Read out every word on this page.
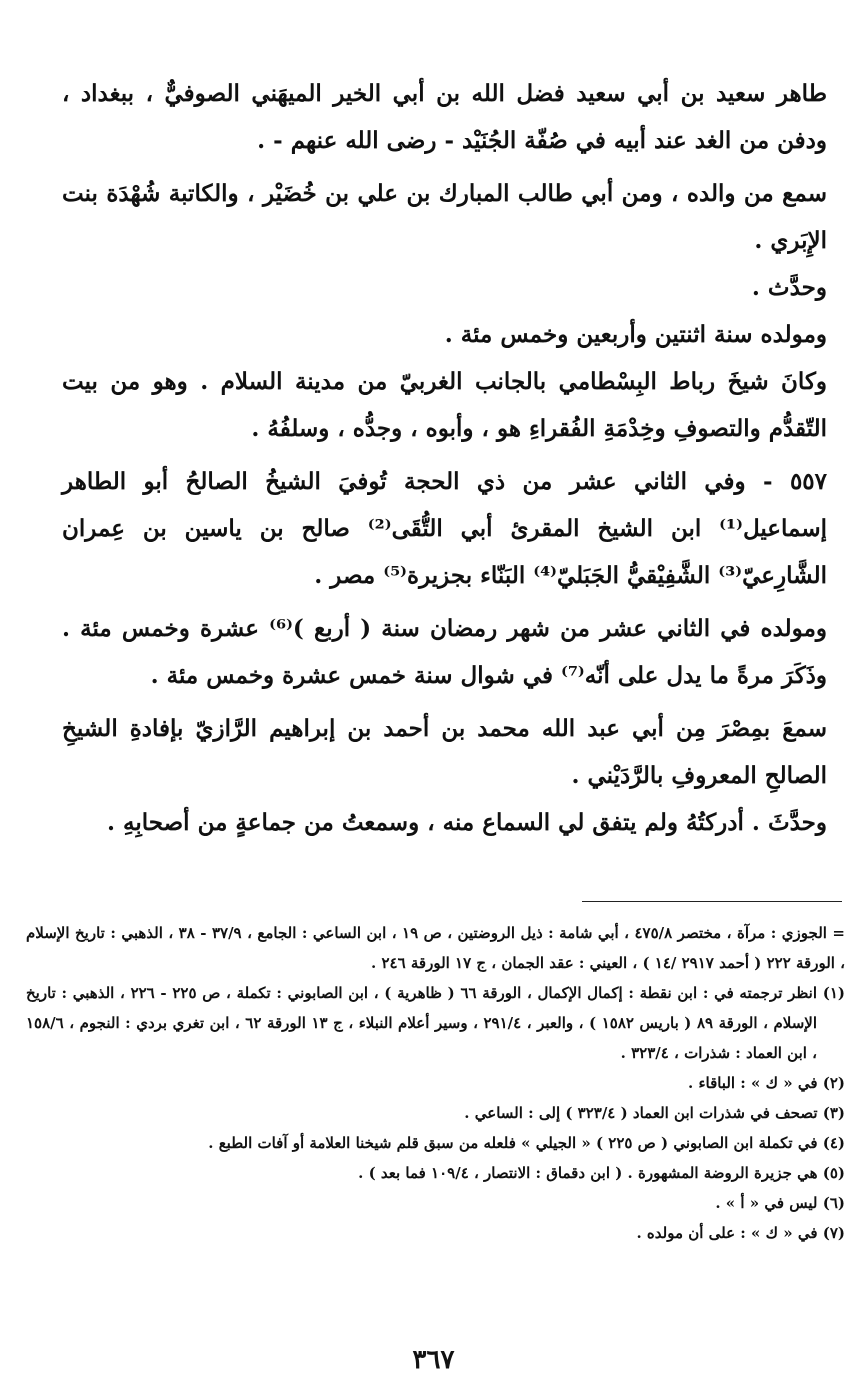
طاهر سعيد بن أبي سعيد فضل الله بن أبي الخير الميهَني الصوفيٌّ ، ببغداد ، ودفن من الغد عند أبيه في صُفّة الجُنَيْد - رضى الله عنهم - .

سمع من والده ، ومن أبي طالب المبارك بن علي بن خُضَيْر ، والكاتبة شُهْدَة بنت الإِبَري .

وحدَّث .

ومولده سنة اثنتين وأربعين وخمس مئة .

وكانَ شيخَ رباط البِسْطامي بالجانب الغربيّ من مدينة السلام . وهو من بيت التّقدُّم والتصوفِ وخِدْمَةِ الفُقراءِ هو ، وأبوه ، وجدُّه ، وسلفُهُ .

٥٥٧ - وفي الثاني عشر من ذي الحجة تُوفيَ الشيخُ الصالحُ أبو الطاهر إسماعيل⁽¹⁾ ابن الشيخ المقرئ أبي التُّقَى⁽²⁾ صالح بن ياسين بن عِمران الشَّارِعيّ⁽³⁾ الشَّفِيْقيُّ الجَبَليّ⁽⁴⁾ البَنّاء بجزيرة⁽⁵⁾ مصر .

ومولده في الثاني عشر من شهر رمضان سنة ( أربع )⁽⁶⁾ عشرة وخمس مئة . وذَكَرَ مرةً ما يدل على أنّه⁽⁷⁾ في شوال سنة خمس عشرة وخمس مئة .

سمعَ بمِصْرَ مِن أبي عبد الله محمد بن أحمد بن إبراهيم الرَّازيّ بإفادةِ الشيخِ الصالحِ المعروفِ بالرَّدَيْني .

وحدَّثَ . أدركتُهُ ولم يتفق لي السماع منه ، وسمعتُ من جماعةٍ من أصحابِهِ .

= الجوزي : مرآة ، مختصر ٤٧٥/٨ ، أبي شامة : ذيل الروضتين ، ص ١٩ ، ابن الساعي : الجامع ، ٣٧/٩ - ٣٨ ، الذهبي : تاريخ الإسلام ، الورقة ٢٢٢ ( أحمد ٢٩١٧ /١٤ ) ، العيني : عقد الجمان ، ج ١٧ الورقة ٢٤٦ .

(١) انظر ترجمته في : ابن نقطة : إكمال الإكمال ، الورقة ٦٦ ( ظاهرية ) ، ابن الصابوني : تكملة ، ص ٢٢٥ - ٢٢٦ ، الذهبي : تاريخ الإسلام ، الورقة ٨٩ ( باريس ١٥٨٢ ) ، والعبر ، ٢٩١/٤ ، وسير أعلام النبلاء ، ج ١٣ الورقة ٦٢ ، ابن تغري بردي : النجوم ، ١٥٨/٦ ، ابن العماد : شذرات ، ٣٢٣/٤ .

(٢) في « ك » : الباقاء .

(٣) تصحف في شذرات ابن العماد ( ٣٢٣/٤ ) إلى : الساعي .

(٤) في تكملة ابن الصابوني ( ص ٢٢٥ ) « الجيلي » فلعله من سبق قلم شيخنا العلامة أو آفات الطبع .

(٥) هي جزيرة الروضة المشهورة . ( ابن دقماق : الانتصار ، ١٠٩/٤ فما بعد ) .

(٦) ليس في « أ » .

(٧) في « ك » : على أن مولده .

٣٦٧
